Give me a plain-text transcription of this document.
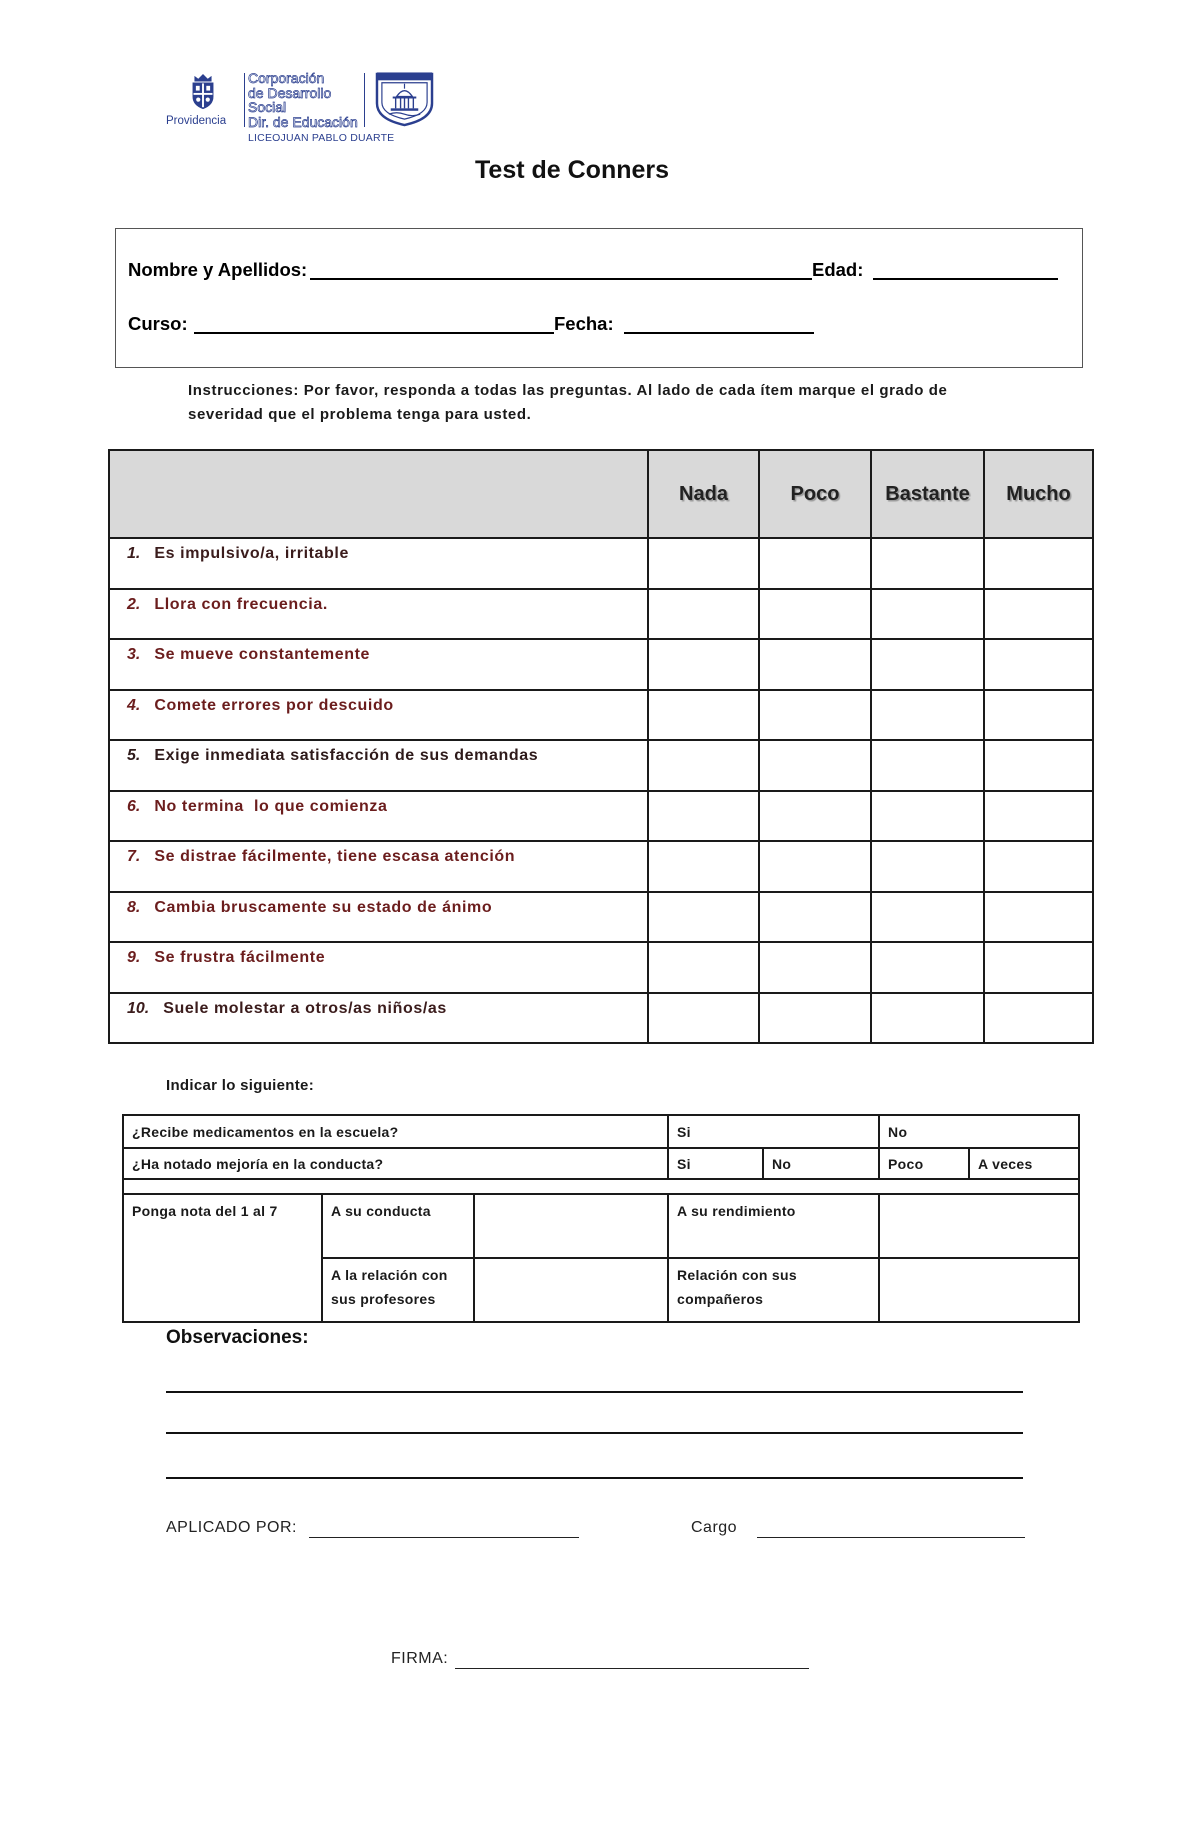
Providencia
Corporación
de Desarrollo
Social
Dir. de Educación
LICEOJUAN PABLO DUARTE
Test de Conners
Nombre y Apellidos:	Edad:
Curso:	Fecha:
Instrucciones: Por favor, responda a todas las preguntas. Al lado de cada ítem marque el grado de
severidad que el problema tenga para usted.
	Nada	Poco	Bastante	Mucho
1. Es impulsivo/a, irritable				
2. Llora con frecuencia.				
3. Se mueve constantemente				
4. Comete errores por descuido				
5. Exige inmediata satisfacción de sus demandas				
6. No termina  lo que comienza				
7. Se distrae fácilmente, tiene escasa atención				
8. Cambia bruscamente su estado de ánimo				
9. Se frustra fácilmente				
10. Suele molestar a otros/as niños/as				
Indicar lo siguiente:
¿Recibe medicamentos en la escuela?			Si		No	
¿Ha notado mejoría en la conducta?			Si	No	Poco	A veces

Ponga nota del 1 al 7	A su conducta		A su rendimiento			
	A la relación con sus profesores		Relación con sus compañeros			

Observaciones:
APLICADO POR:	Cargo
FIRMA:
